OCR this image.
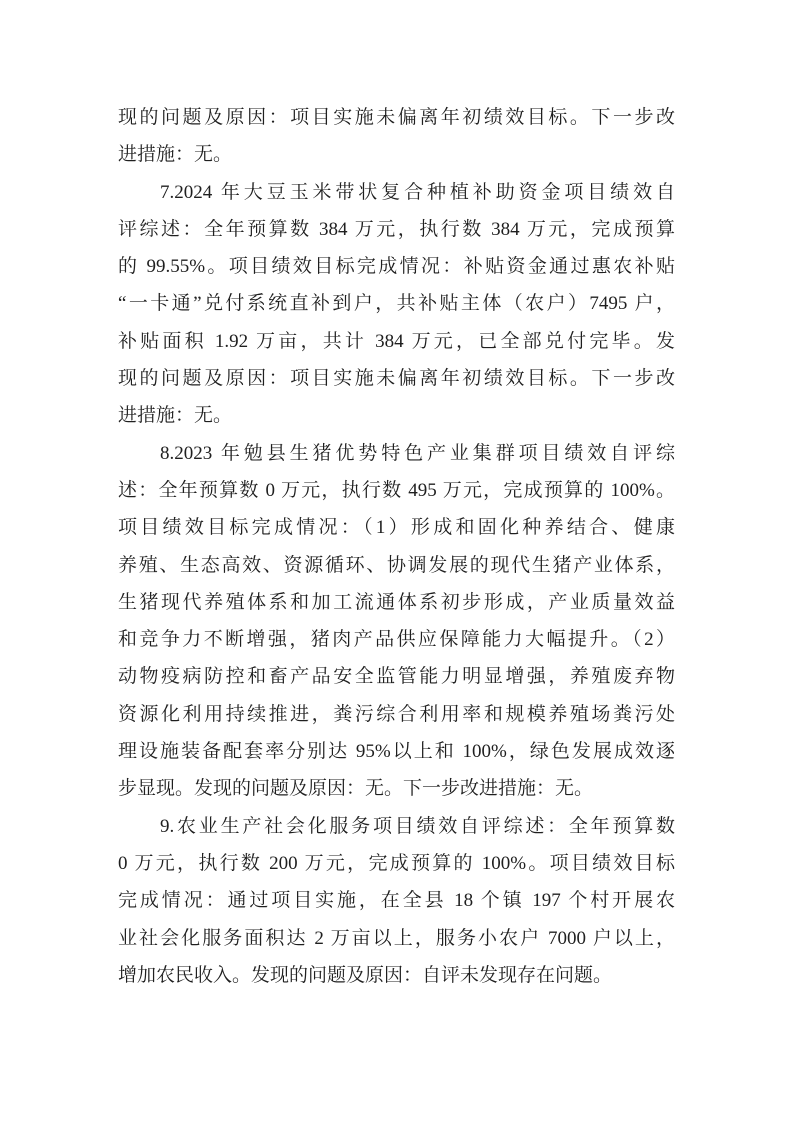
现的问题及原因：项目实施未偏离年初绩效目标。下一步改
进措施：无。
7.2024 年大豆玉米带状复合种植补助资金项目绩效自
评综述：全年预算数 384 万元，执行数 384 万元，完成预算
的 99.55%。项目绩效目标完成情况：补贴资金通过惠农补贴
“一卡通”兑付系统直补到户，共补贴主体（农户）7495 户，
补贴面积 1.92 万亩，共计 384 万元，已全部兑付完毕。发
现的问题及原因：项目实施未偏离年初绩效目标。下一步改
进措施：无。
8.2023 年勉县生猪优势特色产业集群项目绩效自评综
述：全年预算数 0 万元，执行数 495 万元，完成预算的 100%。
项目绩效目标完成情况：（1）形成和固化种养结合、健康
养殖、生态高效、资源循环、协调发展的现代生猪产业体系，
生猪现代养殖体系和加工流通体系初步形成，产业质量效益
和竞争力不断增强，猪肉产品供应保障能力大幅提升。（2）
动物疫病防控和畜产品安全监管能力明显增强，养殖废弃物
资源化利用持续推进，粪污综合利用率和规模养殖场粪污处
理设施装备配套率分别达 95%以上和 100%，绿色发展成效逐
步显现。发现的问题及原因：无。下一步改进措施：无。
9.农业生产社会化服务项目绩效自评综述：全年预算数
0 万元，执行数 200 万元，完成预算的 100%。项目绩效目标
完成情况：通过项目实施，在全县 18 个镇 197 个村开展农
业社会化服务面积达 2 万亩以上，服务小农户 7000 户以上，
增加农民收入。发现的问题及原因：自评未发现存在问题。
